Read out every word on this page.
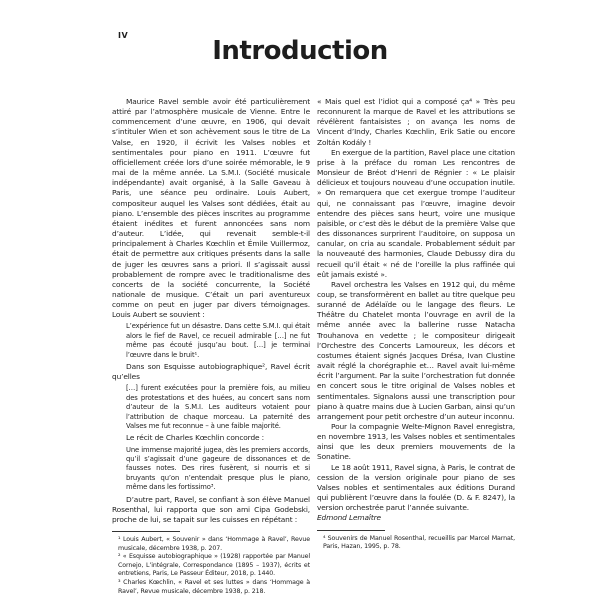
IV
Introduction

Maurice Ravel semble avoir été particulièrement attiré par l’atmosphère musicale de Vienne. Entre le commencement d’une œuvre, en 1906, qui devait s’intituler Wien et son achèvement sous le titre de La Valse, en 1920, il écrivit les Valses nobles et sentimentales pour piano en 1911. L’œuvre fut officiellement créée lors d’une soirée mémorable, le 9 mai de la même année. La S.M.I. (Société musicale indépendante) avait organisé, à la Salle Gaveau à Paris, une séance peu ordinaire. Louis Aubert, compositeur auquel les Valses sont dédiées, était au piano. L’ensemble des pièces inscrites au programme étaient inédites et furent annoncées sans nom d’auteur. L’idée, qui revenait semble-t-il principalement à Charles Kœchlin et Émile Vuillermoz, était de permettre aux critiques présents dans la salle de juger les œuvres sans a priori. Il s’agissait aussi probablement de rompre avec le traditionalisme des concerts de la société concurrente, la Société nationale de musique. C’était un pari aventureux comme on peut en juger par divers témoignages. Louis Aubert se souvient :

L’expérience fut un désastre. Dans cette S.M.I. qui était alors le fief de Ravel, ce recueil admirable […] ne fut même pas écouté jusqu’au bout. […] je terminai l’œuvre dans le bruit¹.

Dans son Esquisse autobiographique², Ravel écrit qu’elles

[…] furent exécutées pour la première fois, au milieu des protestations et des huées, au concert sans nom d’auteur de la S.M.I. Les auditeurs votaient pour l’attribution de chaque morceau. La paternité des Valses me fut reconnue – à une faible majorité.

Le récit de Charles Kœchlin concorde :

Une immense majorité jugea, dès les premiers accords, qu’il s’agissait d’une gageure de dissonances et de fausses notes. Des rires fusèrent, si nourris et si bruyants qu’on n’entendait presque plus le piano, même dans les fortissimo³.

D’autre part, Ravel, se confiant à son élève Manuel Rosenthal, lui rapporta que son ami Cipa Godebski, proche de lui, se tapait sur les cuisses en répétant :

¹ Louis Aubert, « Souvenir » dans ‘Hommage à Ravel’, Revue musicale, décembre 1938, p. 207.

² « Esquisse autobiographique » (1928) rapportée par Manuel Cornejo, L’intégrale, Correspondance (1895 – 1937), écrits et entretiens, Paris, Le Passeur Éditeur, 2018, p. 1440.

³ Charles Kœchlin, « Ravel et ses luttes » dans ‘Hommage à Ravel’, Revue musicale, décembre 1938, p. 218.

« Mais quel est l’idiot qui a composé ça⁴ » Très peu reconnurent la marque de Ravel et les attributions se révélèrent fantaisistes ; on avança les noms de Vincent d’Indy, Charles Kœchlin, Erik Satie ou encore Zoltán Kodály !

En exergue de la partition, Ravel place une citation prise à la préface du roman Les rencontres de Monsieur de Bréot d’Henri de Régnier : « Le plaisir délicieux et toujours nouveau d’une occupation inutile. » On remarquera que cet exergue trompe l’auditeur qui, ne connaissant pas l’œuvre, imagine devoir entendre des pièces sans heurt, voire une musique paisible, or c’est dès le début de la première Valse que des dissonances surprirent l’auditoire, on supposa un canular, on cria au scandale. Probablement séduit par la nouveauté des harmonies, Claude Debussy dira du recueil qu’il était « né de l’oreille la plus raffinée qui eût jamais existé ».

Ravel orchestra les Valses en 1912 qui, du même coup, se transformèrent en ballet au titre quelque peu suranné de Adélaïde ou le langage des fleurs. Le Théâtre du Chatelet monta l’ouvrage en avril de la même année avec la ballerine russe Natacha Trouhanova en vedette ; le compositeur dirigeait l’Orchestre des Concerts Lamoureux, les décors et costumes étaient signés Jacques Drésa, Ivan Clustine avait réglé la chorégraphie et… Ravel avait lui-même écrit l’argument. Par la suite l’orchestration fut donnée en concert sous le titre original de Valses nobles et sentimentales. Signalons aussi une transcription pour piano à quatre mains due à Lucien Garban, ainsi qu’un arrangement pour petit orchestre d’un auteur inconnu.

Pour la compagnie Welte-Mignon Ravel enregistra, en novembre 1913, les Valses nobles et sentimentales ainsi que les deux premiers mouvements de la Sonatine.

Le 18 août 1911, Ravel signa, à Paris, le contrat de cession de la version originale pour piano de ses Valses nobles et sentimentales aux éditions Durand qui publièrent l’œuvre dans la foulée (D. & F. 8247), la version orchestrée parut l’année suivante.

Edmond Lemaître

⁴ Souvenirs de Manuel Rosenthal, recueillis par Marcel Marnat, Paris, Hazan, 1995, p. 78.
